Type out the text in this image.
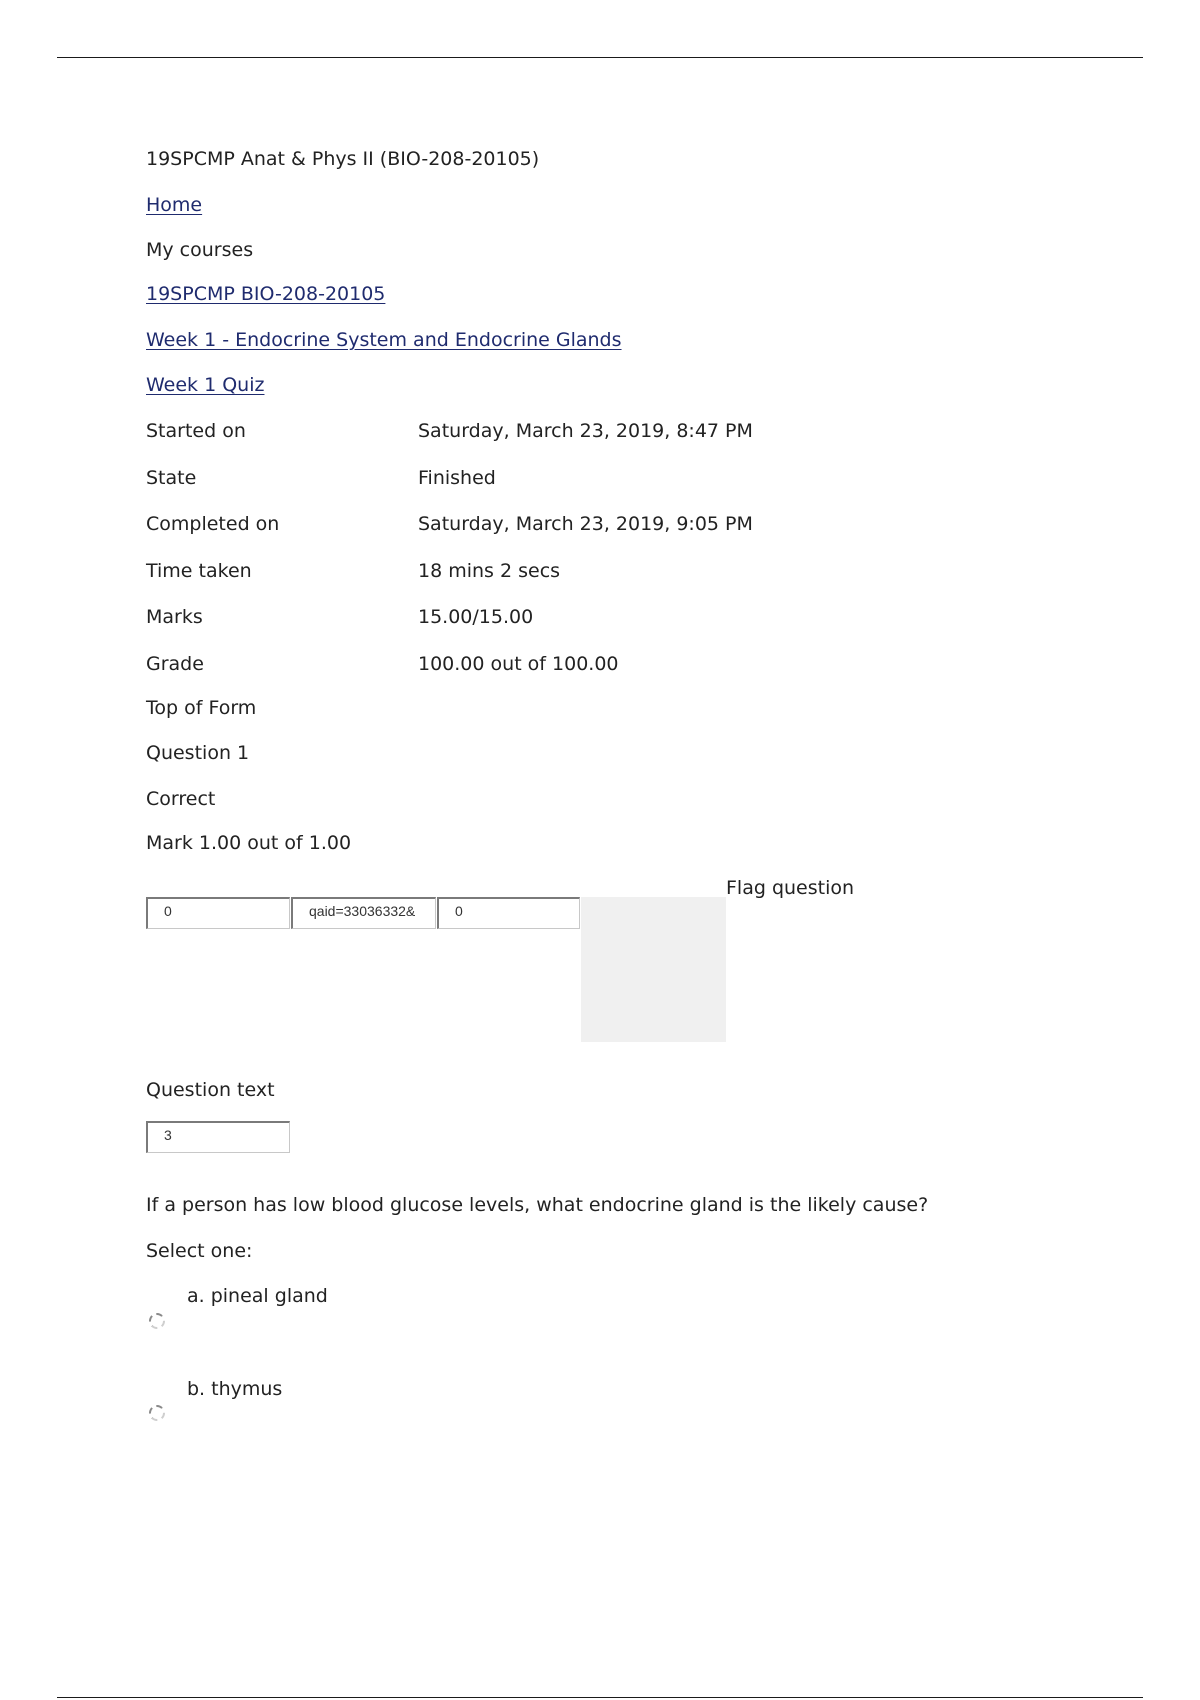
19SPCMP Anat & Phys II (BIO-208-20105)
Home
My courses
19SPCMP BIO-208-20105
Week 1 - Endocrine System and Endocrine Glands
Week 1 Quiz
Started on	Saturday, March 23, 2019, 8:47 PM
State	Finished
Completed on	Saturday, March 23, 2019, 9:05 PM
Time taken	18 mins 2 secs
Marks	15.00/15.00
Grade	100.00 out of 100.00
Top of Form
Question 1
Correct
Mark 1.00 out of 1.00
0	qaid=33036332&	0
Flag question
Question text
3
If a person has low blood glucose levels, what endocrine gland is the likely cause?
Select one:
a. pineal gland
b. thymus
